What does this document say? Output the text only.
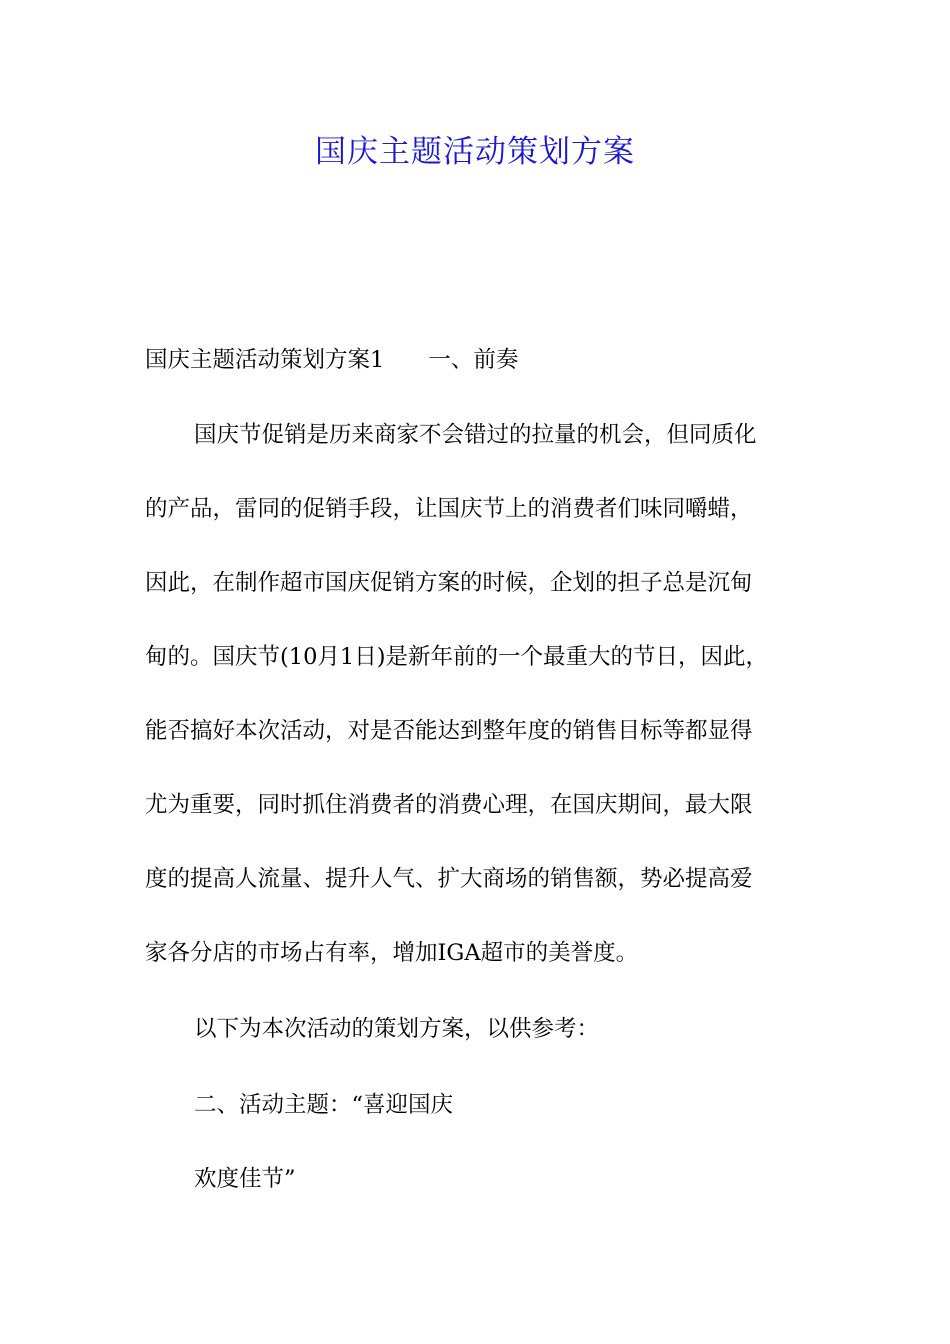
国庆主题活动策划方案
国庆主题活动策划方案1 一、前奏
国庆节促销是历来商家不会错过的拉量的机会，但同质化
的产品，雷同的促销手段，让国庆节上的消费者们味同嚼蜡，
因此，在制作超市国庆促销方案的时候，企划的担子总是沉甸
甸的。国庆节(10月1日)是新年前的一个最重大的节日，因此，
能否搞好本次活动，对是否能达到整年度的销售目标等都显得
尤为重要，同时抓住消费者的消费心理，在国庆期间，最大限
度的提高人流量、提升人气、扩大商场的销售额，势必提高爱
家各分店的市场占有率，增加IGA超市的美誉度。
以下为本次活动的策划方案，以供参考：
二、活动主题：“喜迎国庆
欢度佳节”
